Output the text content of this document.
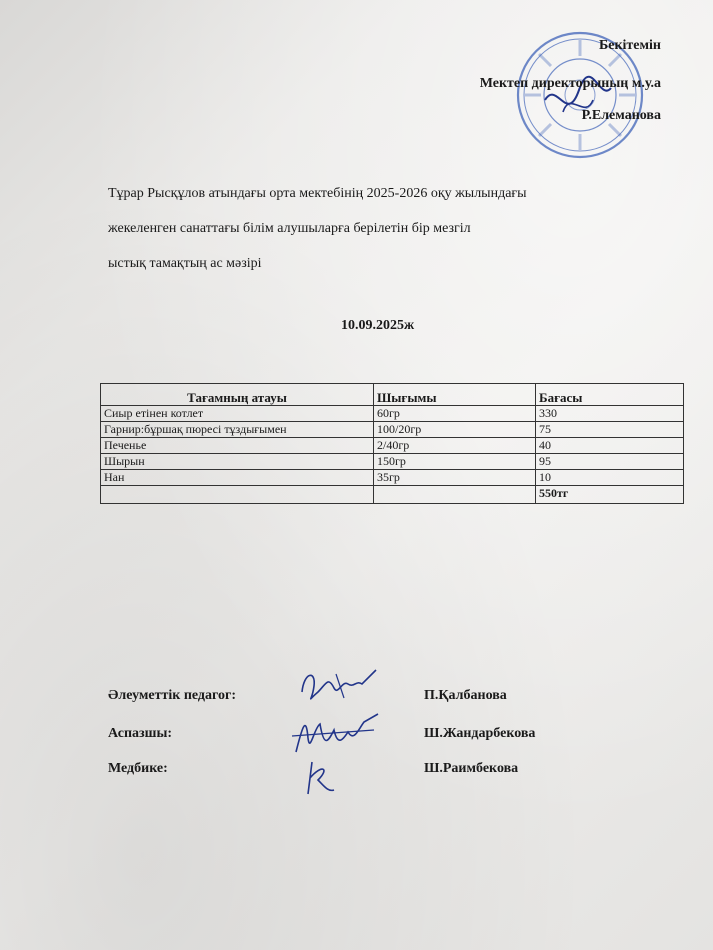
Бекітемін
Мектеп директорының м.у.а
Р.Елеманова
Тұрар Рысқұлов атындағы орта мектебінің 2025-2026 оқу жылындағы
жекеленген санаттағы білім алушыларға берілетін бір мезгіл
ыстық тамақтың ас мәзірі
10.09.2025ж
Тағамның атауы	Шығымы	Бағасы
Сиыр етінен котлет	60гр	330
Гарнир:бұршақ пюресі тұздығымен	100/20гр	75
Печенье	2/40гр	40
Шырын	150гр	95
Нан	35гр	10
		550тг
Әлеуметтік педагог:	П.Қалбанова
Аспазшы:	Ш.Жандарбекова
Медбике:	Ш.Раимбекова
